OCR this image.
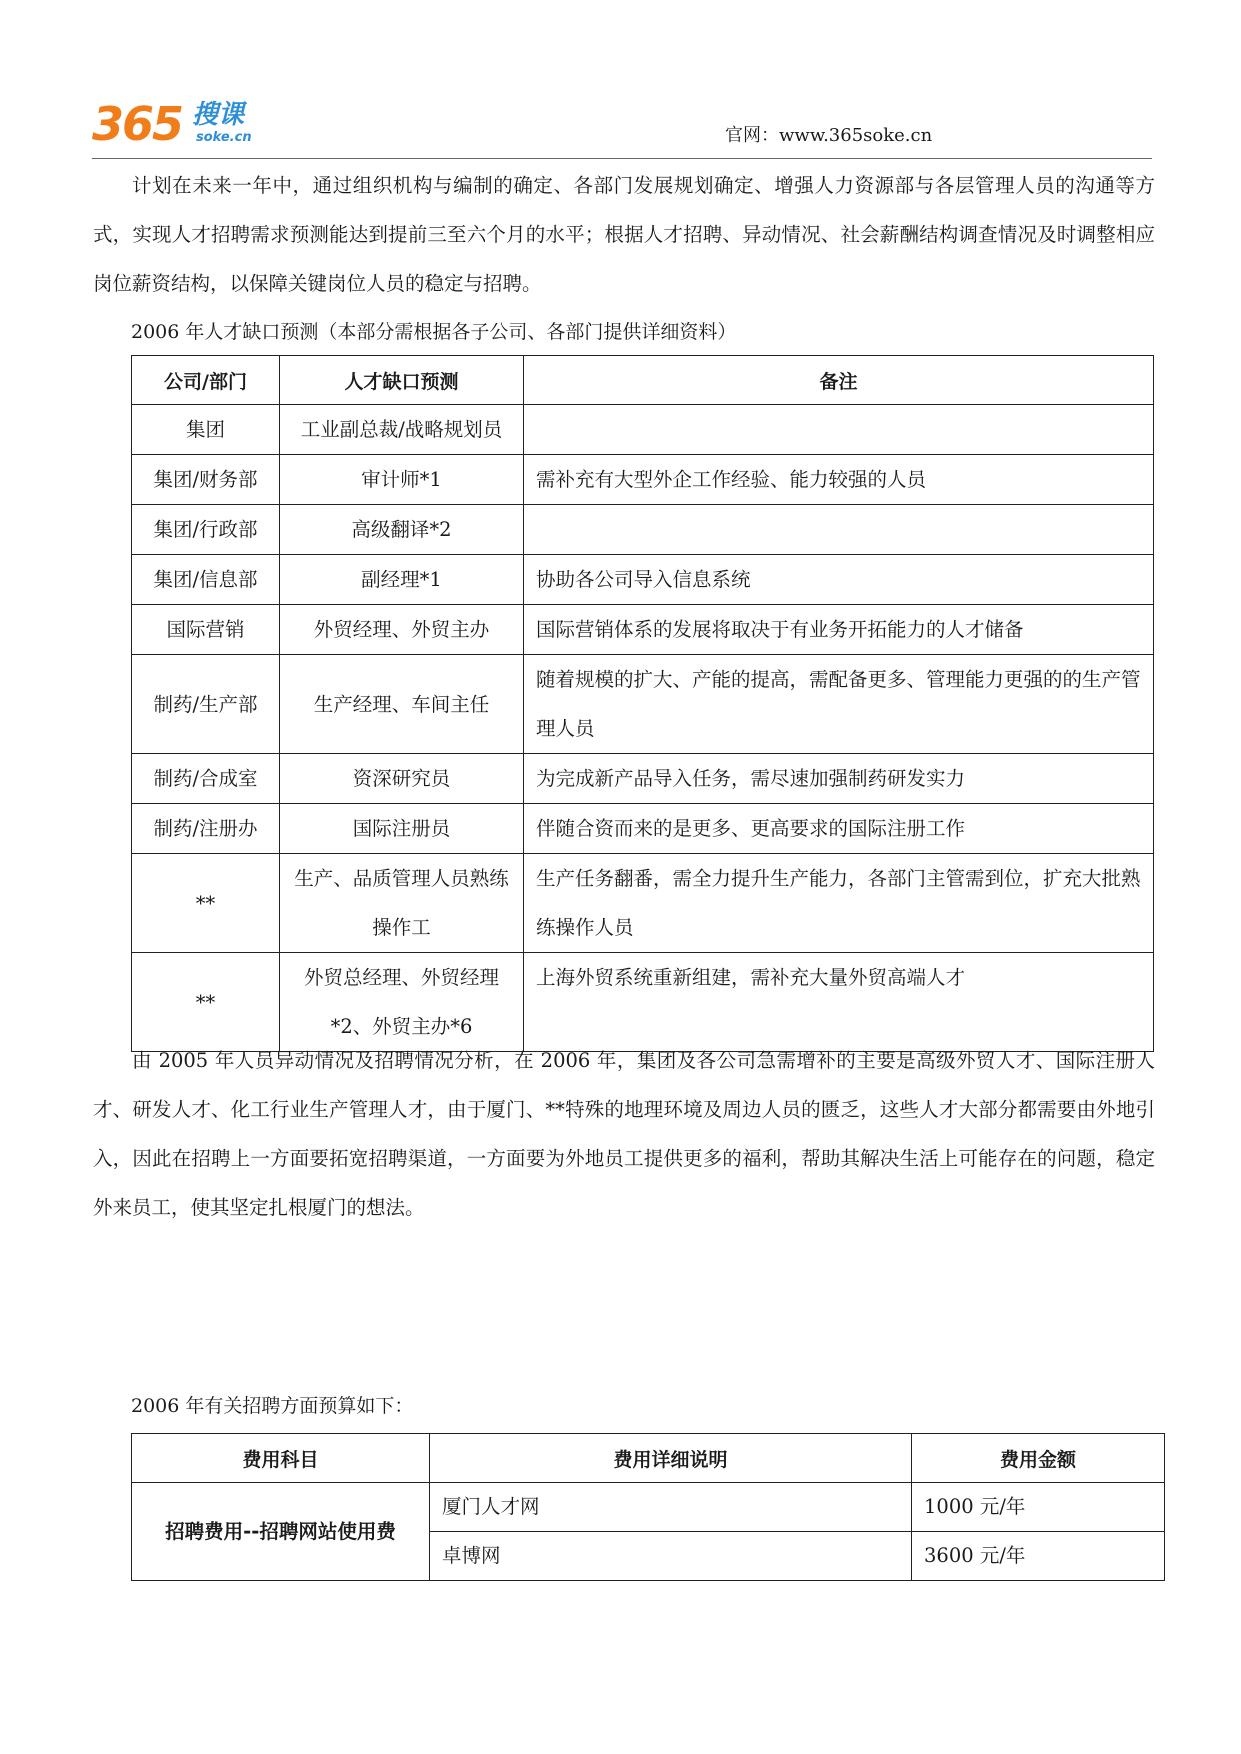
365 搜课
soke.cn	官网：www.365soke.cn

计划在未来一年中，通过组织机构与编制的确定、各部门发展规划确定、增强人力资源部与各层管理人员的沟通等方式，实现人才招聘需求预测能达到提前三至六个月的水平；根据人才招聘、异动情况、社会薪酬结构调查情况及时调整相应岗位薪资结构，以保障关键岗位人员的稳定与招聘。

2006 年人才缺口预测（本部分需根据各子公司、各部门提供详细资料）
公司/部门	人才缺口预测	备注
集团	工业副总裁/战略规划员	
集团/财务部	审计师*1	需补充有大型外企工作经验、能力较强的人员
集团/行政部	高级翻译*2	
集团/信息部	副经理*1	协助各公司导入信息系统
国际营销	外贸经理、外贸主办	国际营销体系的发展将取决于有业务开拓能力的人才储备
制药/生产部	生产经理、车间主任	随着规模的扩大、产能的提高，需配备更多、管理能力更强的的生产管理人员
制药/合成室	资深研究员	为完成新产品导入任务，需尽速加强制药研发实力
制药/注册办	国际注册员	伴随合资而来的是更多、更高要求的国际注册工作
**	生产、品质管理人员熟练操作工	生产任务翻番，需全力提升生产能力，各部门主管需到位，扩充大批熟练操作人员
**	外贸总经理、外贸经理*2、外贸主办*6	上海外贸系统重新组建，需补充大量外贸高端人才

由 2005 年人员异动情况及招聘情况分析，在 2006 年，集团及各公司急需增补的主要是高级外贸人才、国际注册人才、研发人才、化工行业生产管理人才，由于厦门、**特殊的地理环境及周边人员的匮乏，这些人才大部分都需要由外地引入，因此在招聘上一方面要拓宽招聘渠道，一方面要为外地员工提供更多的福利，帮助其解决生活上可能存在的问题，稳定外来员工，使其坚定扎根厦门的想法。

2006 年有关招聘方面预算如下：
费用科目	费用详细说明	费用金额
招聘费用--招聘网站使用费	厦门人才网	1000 元/年
	卓博网	3600 元/年
